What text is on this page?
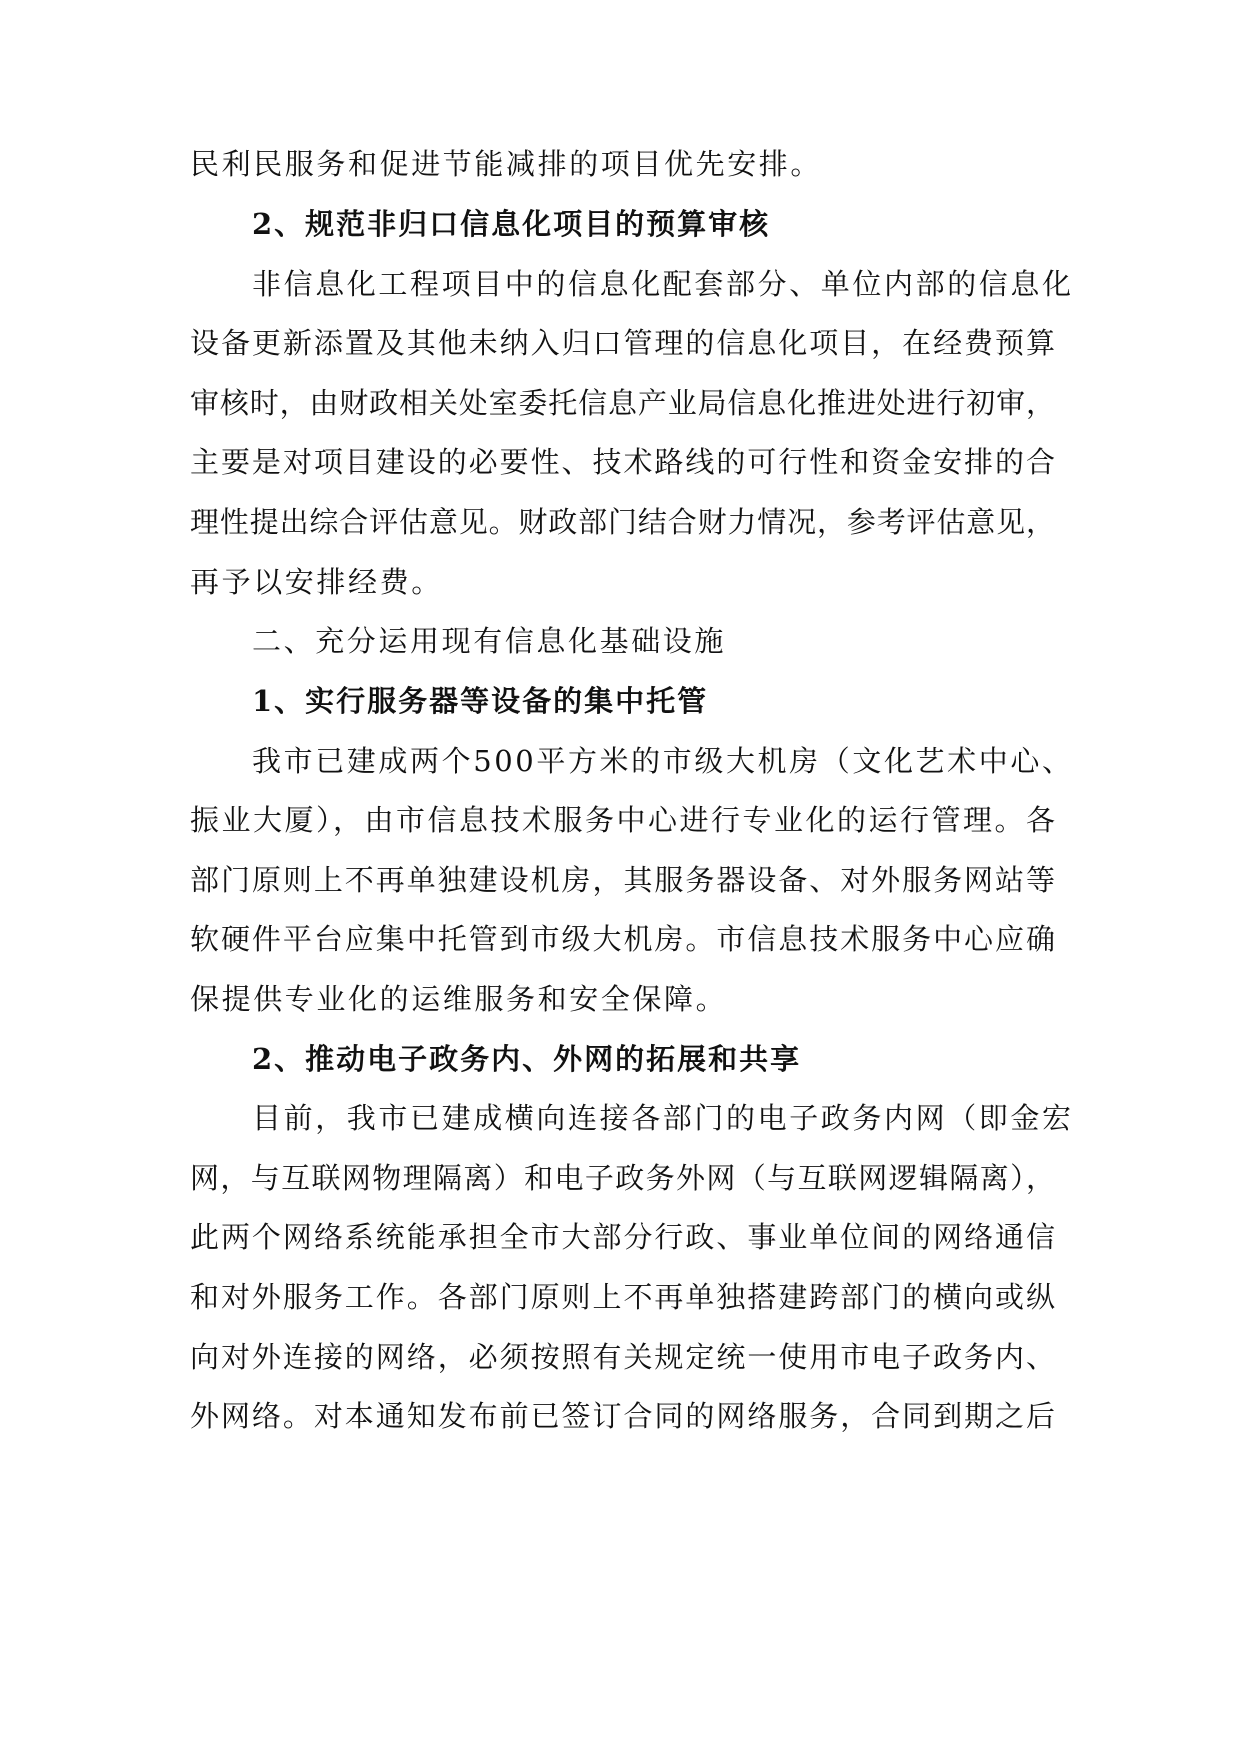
民利民服务和促进节能减排的项目优先安排。
2、规范非归口信息化项目的预算审核
非信息化工程项目中的信息化配套部分、单位内部的信息化
设备更新添置及其他未纳入归口管理的信息化项目，在经费预算
审核时，由财政相关处室委托信息产业局信息化推进处进行初审，
主要是对项目建设的必要性、技术路线的可行性和资金安排的合
理性提出综合评估意见。财政部门结合财力情况，参考评估意见，
再予以安排经费。
二、充分运用现有信息化基础设施
1、实行服务器等设备的集中托管
我市已建成两个500平方米的市级大机房（文化艺术中心、
振业大厦），由市信息技术服务中心进行专业化的运行管理。各
部门原则上不再单独建设机房，其服务器设备、对外服务网站等
软硬件平台应集中托管到市级大机房。市信息技术服务中心应确
保提供专业化的运维服务和安全保障。
2、推动电子政务内、外网的拓展和共享
目前，我市已建成横向连接各部门的电子政务内网（即金宏
网，与互联网物理隔离）和电子政务外网（与互联网逻辑隔离），
此两个网络系统能承担全市大部分行政、事业单位间的网络通信
和对外服务工作。各部门原则上不再单独搭建跨部门的横向或纵
向对外连接的网络，必须按照有关规定统一使用市电子政务内、
外网络。对本通知发布前已签订合同的网络服务，合同到期之后
